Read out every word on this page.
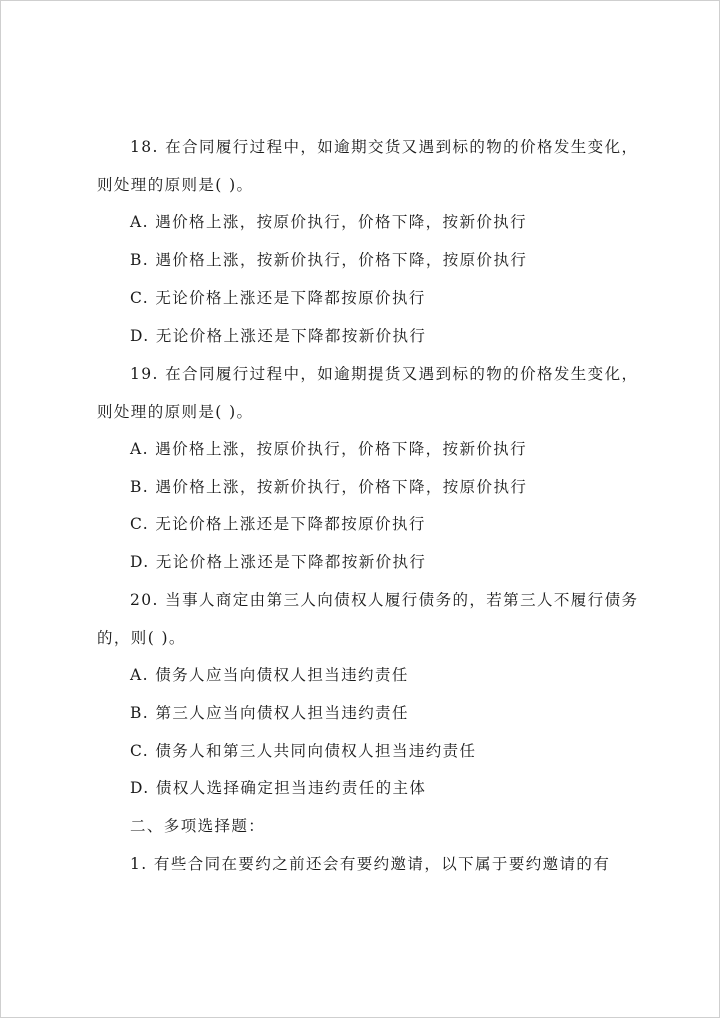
18. 在合同履行过程中，如逾期交货又遇到标的物的价格发生变化，
则处理的原则是( )。
A. 遇价格上涨，按原价执行，价格下降，按新价执行
B. 遇价格上涨，按新价执行，价格下降，按原价执行
C. 无论价格上涨还是下降都按原价执行
D. 无论价格上涨还是下降都按新价执行
19. 在合同履行过程中，如逾期提货又遇到标的物的价格发生变化，
则处理的原则是( )。
A. 遇价格上涨，按原价执行，价格下降，按新价执行
B. 遇价格上涨，按新价执行，价格下降，按原价执行
C. 无论价格上涨还是下降都按原价执行
D. 无论价格上涨还是下降都按新价执行
20. 当事人商定由第三人向债权人履行债务的，若第三人不履行债务
的，则( )。
A. 债务人应当向债权人担当违约责任
B. 第三人应当向债权人担当违约责任
C. 债务人和第三人共同向债权人担当违约责任
D. 债权人选择确定担当违约责任的主体
二、多项选择题：
1. 有些合同在要约之前还会有要约邀请，以下属于要约邀请的有
